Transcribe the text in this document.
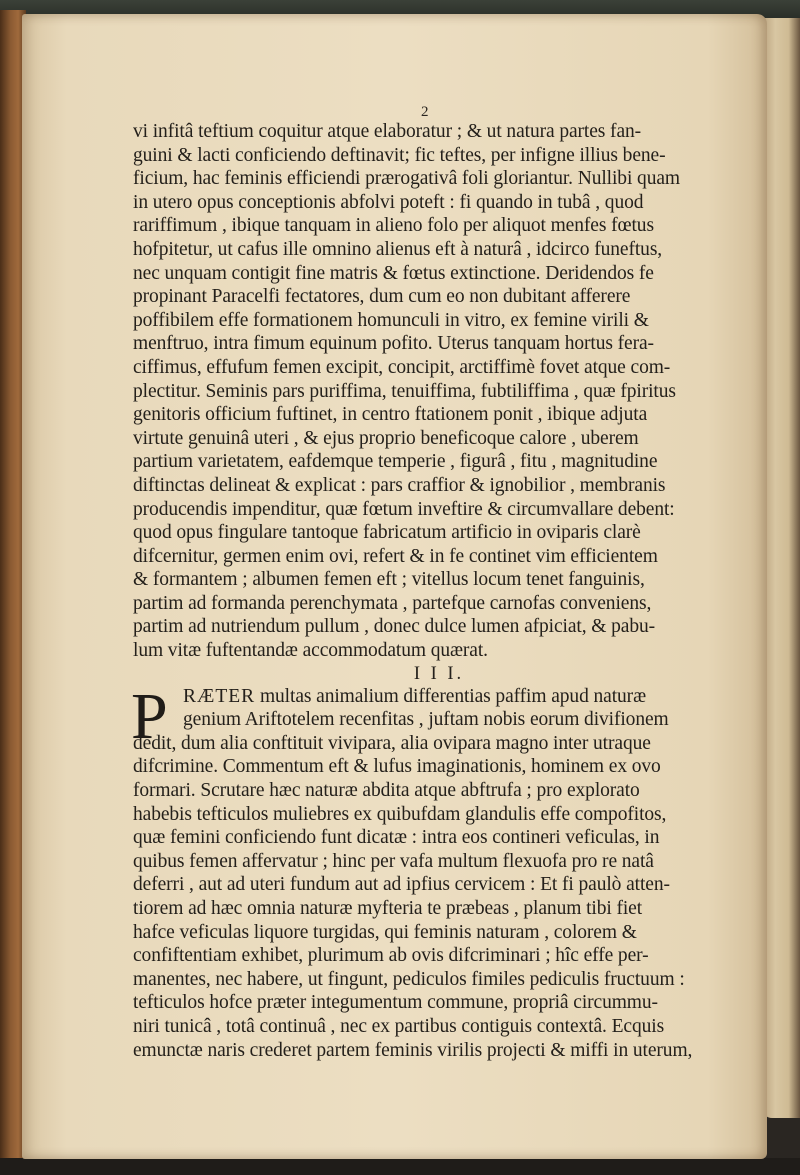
2
vi infitâ teftium coquitur atque elaboratur ; & ut natura partes fan-
guini & lacti conficiendo deftinavit; fic teftes, per infigne illius bene-
ficium, hac feminis efficiendi prærogativâ foli gloriantur. Nullibi quam
in utero opus conceptionis abfolvi poteft : fi quando in tubâ , quod
rariffimum , ibique tanquam in alieno folo per aliquot menfes fœtus
hofpitetur, ut cafus ille omnino alienus eft à naturâ , idcirco funeftus,
nec unquam contigit fine matris & fœtus extinctione. Deridendos fe
propinant Paracelfi fectatores, dum cum eo non dubitant afferere
poffibilem effe formationem homunculi in vitro, ex femine virili &
menftruo, intra fimum equinum pofito. Uterus tanquam hortus fera-
ciffimus, effufum femen excipit, concipit, arctiffimè fovet atque com-
plectitur. Seminis pars puriffima, tenuiffima, fubtiliffima , quæ fpiritus
genitoris officium fuftinet, in centro ftationem ponit , ibique adjuta
virtute genuinâ uteri , & ejus proprio beneficoque calore , uberem
partium varietatem, eafdemque temperie , figurâ , fitu , magnitudine
diftinctas delineat & explicat : pars craffior & ignobilior , membranis
producendis impenditur, quæ fœtum inveftire & circumvallare debent:
quod opus fingulare tantoque fabricatum artificio in oviparis clarè
difcernitur, germen enim ovi, refert & in fe continet vim efficientem
& formantem ; albumen femen eft ; vitellus locum tenet fanguinis,
partim ad formanda perenchymata , partefque carnofas conveniens,
partim ad nutriendum pullum , donec dulce lumen afpiciat, & pabu-
lum vitæ fuftentandæ accommodatum quærat.
I I I.
P RÆTER multas animalium differentias paffim apud naturæ
genium Ariftotelem recenfitas , juftam nobis eorum divifionem
dedit, dum alia conftituit vivipara, alia ovipara magno inter utraque
difcrimine. Commentum eft & lufus imaginationis, hominem ex ovo
formari. Scrutare hæc naturæ abdita atque abftrufa ; pro explorato
habebis tefticulos muliebres ex quibufdam glandulis effe compofitos,
quæ femini conficiendo funt dicatæ : intra eos contineri veficulas, in
quibus femen affervatur ; hinc per vafa multum flexuofa pro re natâ
deferri , aut ad uteri fundum aut ad ipfius cervicem : Et fi paulò atten-
tiorem ad hæc omnia naturæ myfteria te præbeas , planum tibi fiet
hafce veficulas liquore turgidas, qui feminis naturam , colorem &
confiftentiam exhibet, plurimum ab ovis difcriminari ; hîc effe per-
manentes, nec habere, ut fingunt, pediculos fimiles pediculis fructuum :
tefticulos hofce præter integumentum commune, propriâ circummu-
niri tunicâ , totâ continuâ , nec ex partibus contiguis contextâ. Ecquis
emunctæ naris crederet partem feminis virilis projecti & miffi in uterum,
